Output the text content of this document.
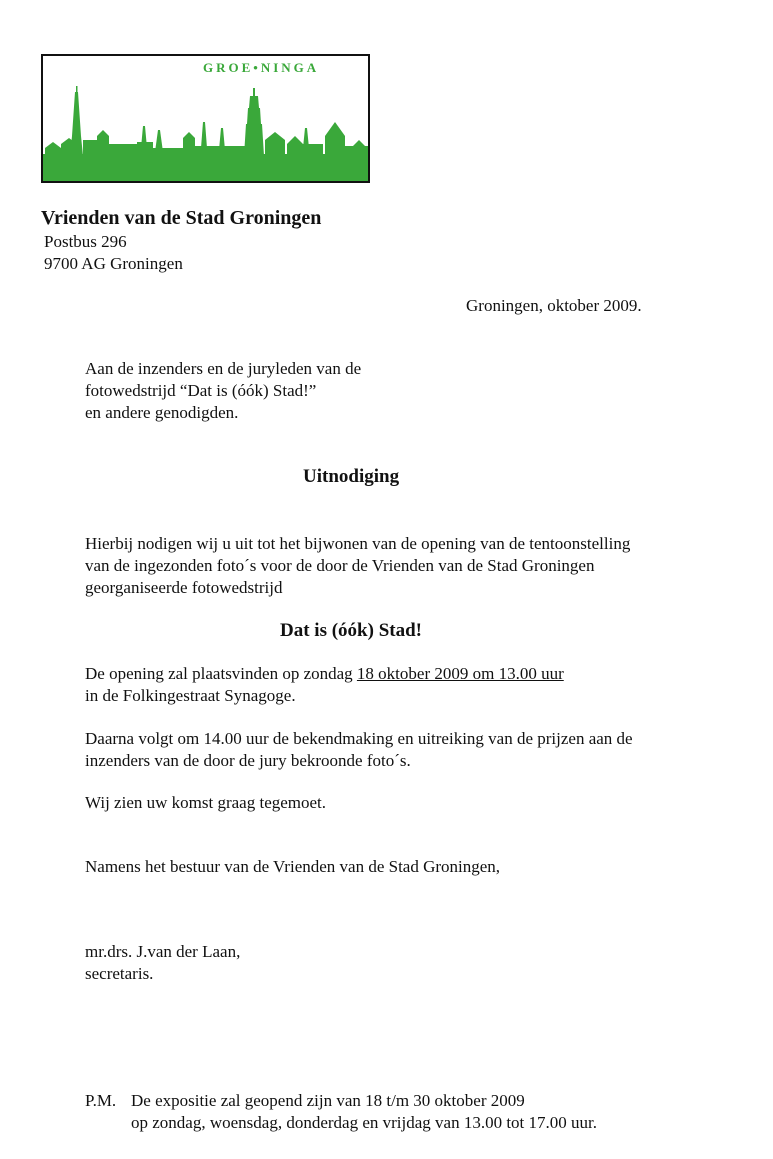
GROE•NINGA
Vrienden van de Stad Groningen
Postbus 296
9700 AG Groningen
Groningen, oktober 2009.
Aan de inzenders en de juryleden van de
fotowedstrijd “Dat is (óók) Stad!”
en andere genodigden.
Uitnodiging
Hierbij nodigen wij u uit tot het bijwonen van de opening van de tentoonstelling
van de ingezonden foto´s voor de door de Vrienden van de Stad Groningen
georganiseerde fotowedstrijd
Dat is (óók) Stad!
De opening zal plaatsvinden op zondag 18 oktober 2009 om 13.00 uur
in de Folkingestraat Synagoge.
Daarna volgt om 14.00 uur de bekendmaking en uitreiking van de prijzen aan de
inzenders van de door de jury bekroonde foto´s.
Wij zien uw komst graag tegemoet.
Namens het bestuur van de Vrienden van de Stad Groningen,
mr.drs. J.van der Laan,
secretaris.
P.M. De expositie zal geopend zijn van 18 t/m 30 oktober 2009
op zondag, woensdag, donderdag en vrijdag van 13.00 tot 17.00 uur.
